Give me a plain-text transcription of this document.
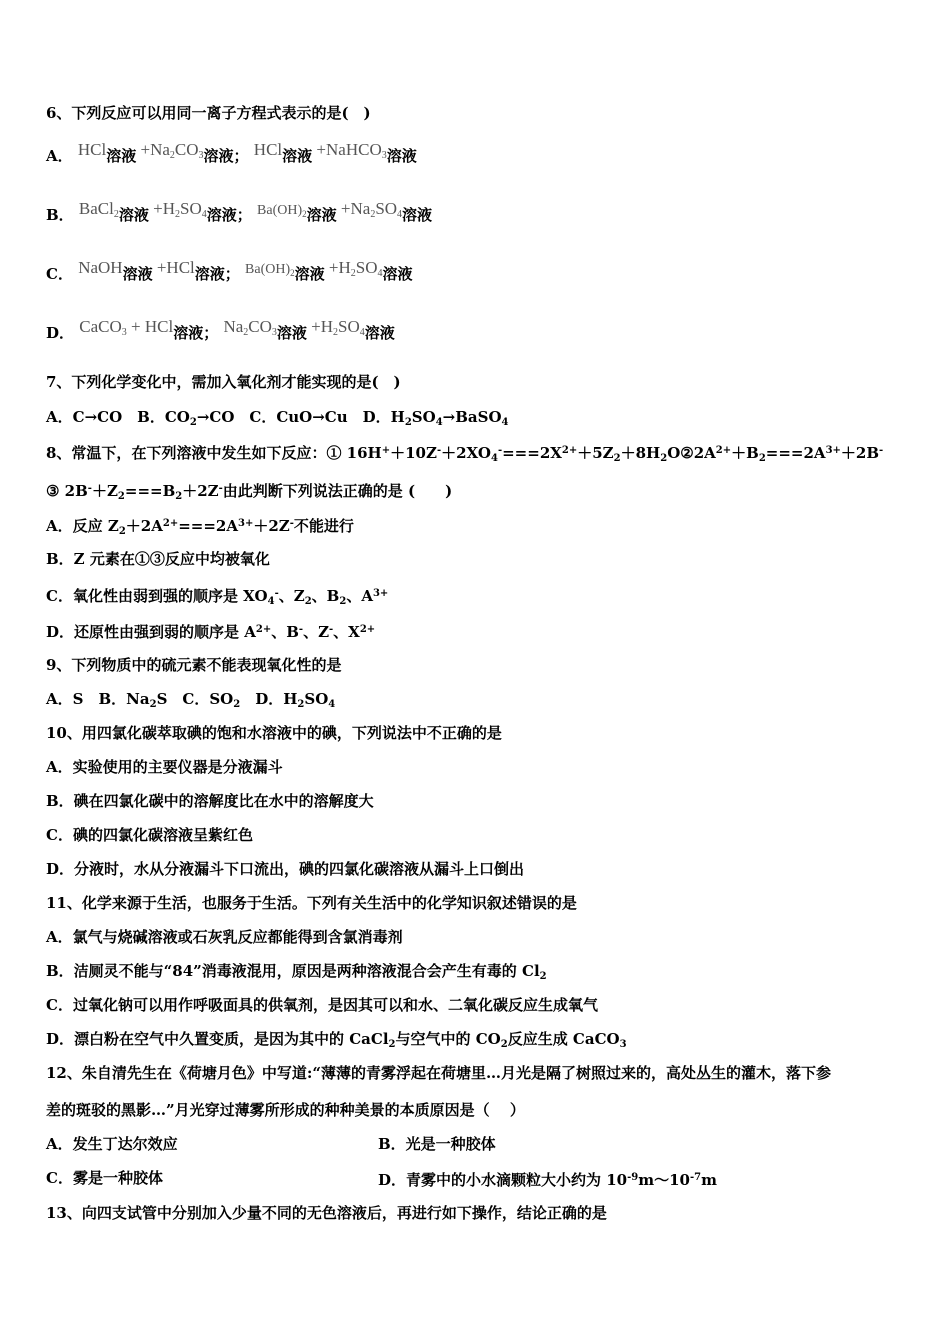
6、下列反应可以用同一离子方程式表示的是(　)
A． HCl溶液 $+Na_2CO_3$溶液； HCl溶液 +NaHCO$_3$溶液
B． BaCl$_2$溶液 $+H_2SO_4$溶液； $Ba(OH)_2$溶液 $+Na_2SO_4$溶液
C． NaOH溶液 +HCl溶液； $Ba(OH)_2$溶液 $+H_2SO_4$溶液
D． CaCO$_3$ + HCl溶液； $Na_2CO_3$溶液 $+H_2SO_4$溶液
7、下列化学变化中，需加入氧化剂才能实现的是(　)
A．C→CO　B．$CO_2\to CO$　C．CuO→Cu　D．$H_2SO_4\to BaSO_4$
8、常温下，在下列溶液中发生如下反应：① $16H^++10Z^-+2XO_4^-===2X^{2+}+5Z_2+8H_2O②2A^{2+}+B_2===2A^{3+}+2B^-$
③ $2B^-+Z_2===B_2+2Z^-$由此判断下列说法正确的是 (　　)
A．反应 $Z_2+2A^{2+}===2A^{3+}+2Z^-$不能进行
B．Z 元素在①③反应中均被氧化
C．氧化性由弱到强的顺序是 $XO_4^-$、$Z_2$、$B_2$、$A^{3+}$
D．还原性由强到弱的顺序是 $A^{2+}$、B-、Z-、$X^{2+}$
9、下列物质中的硫元素不能表现氧化性的是
A．S　B．$Na_2S$　C．$SO_2$　D．$H_2SO_4$
10、用四氯化碳萃取碘的饱和水溶液中的碘，下列说法中不正确的是
A．实验使用的主要仪器是分液漏斗
B．碘在四氯化碳中的溶解度比在水中的溶解度大
C．碘的四氯化碳溶液呈紫红色
D．分液时，水从分液漏斗下口流出，碘的四氯化碳溶液从漏斗上口倒出
11、化学来源于生活，也服务于生活。下列有关生活中的化学知识叙述错误的是
A．氯气与烧碱溶液或石灰乳反应都能得到含氯消毒剂
B．洁厕灵不能与“84”消毒液混用，原因是两种溶液混合会产生有毒的 $Cl_2$
C．过氧化钠可以用作呼吸面具的供氧剂，是因其可以和水、二氧化碳反应生成氧气
D．漂白粉在空气中久置变质，是因为其中的 CaCl$_2$与空气中的 $CO_2$反应生成 CaCO$_3$
12、朱自清先生在《荷塘月色》中写道:“薄薄的青雾浮起在荷塘里…月光是隔了树照过来的，高处丛生的灌木，落下参
差的斑驳的黑影…”月光穿过薄雾所形成的种种美景的本质原因是（　 ）
A．发生丁达尔效应	B．光是一种胶体
C．雾是一种胶体	D．青雾中的小水滴颗粒大小约为 $10^{-9}m\sim 10^{-7}m$
13、向四支试管中分别加入少量不同的无色溶液后，再进行如下操作，结论正确的是
